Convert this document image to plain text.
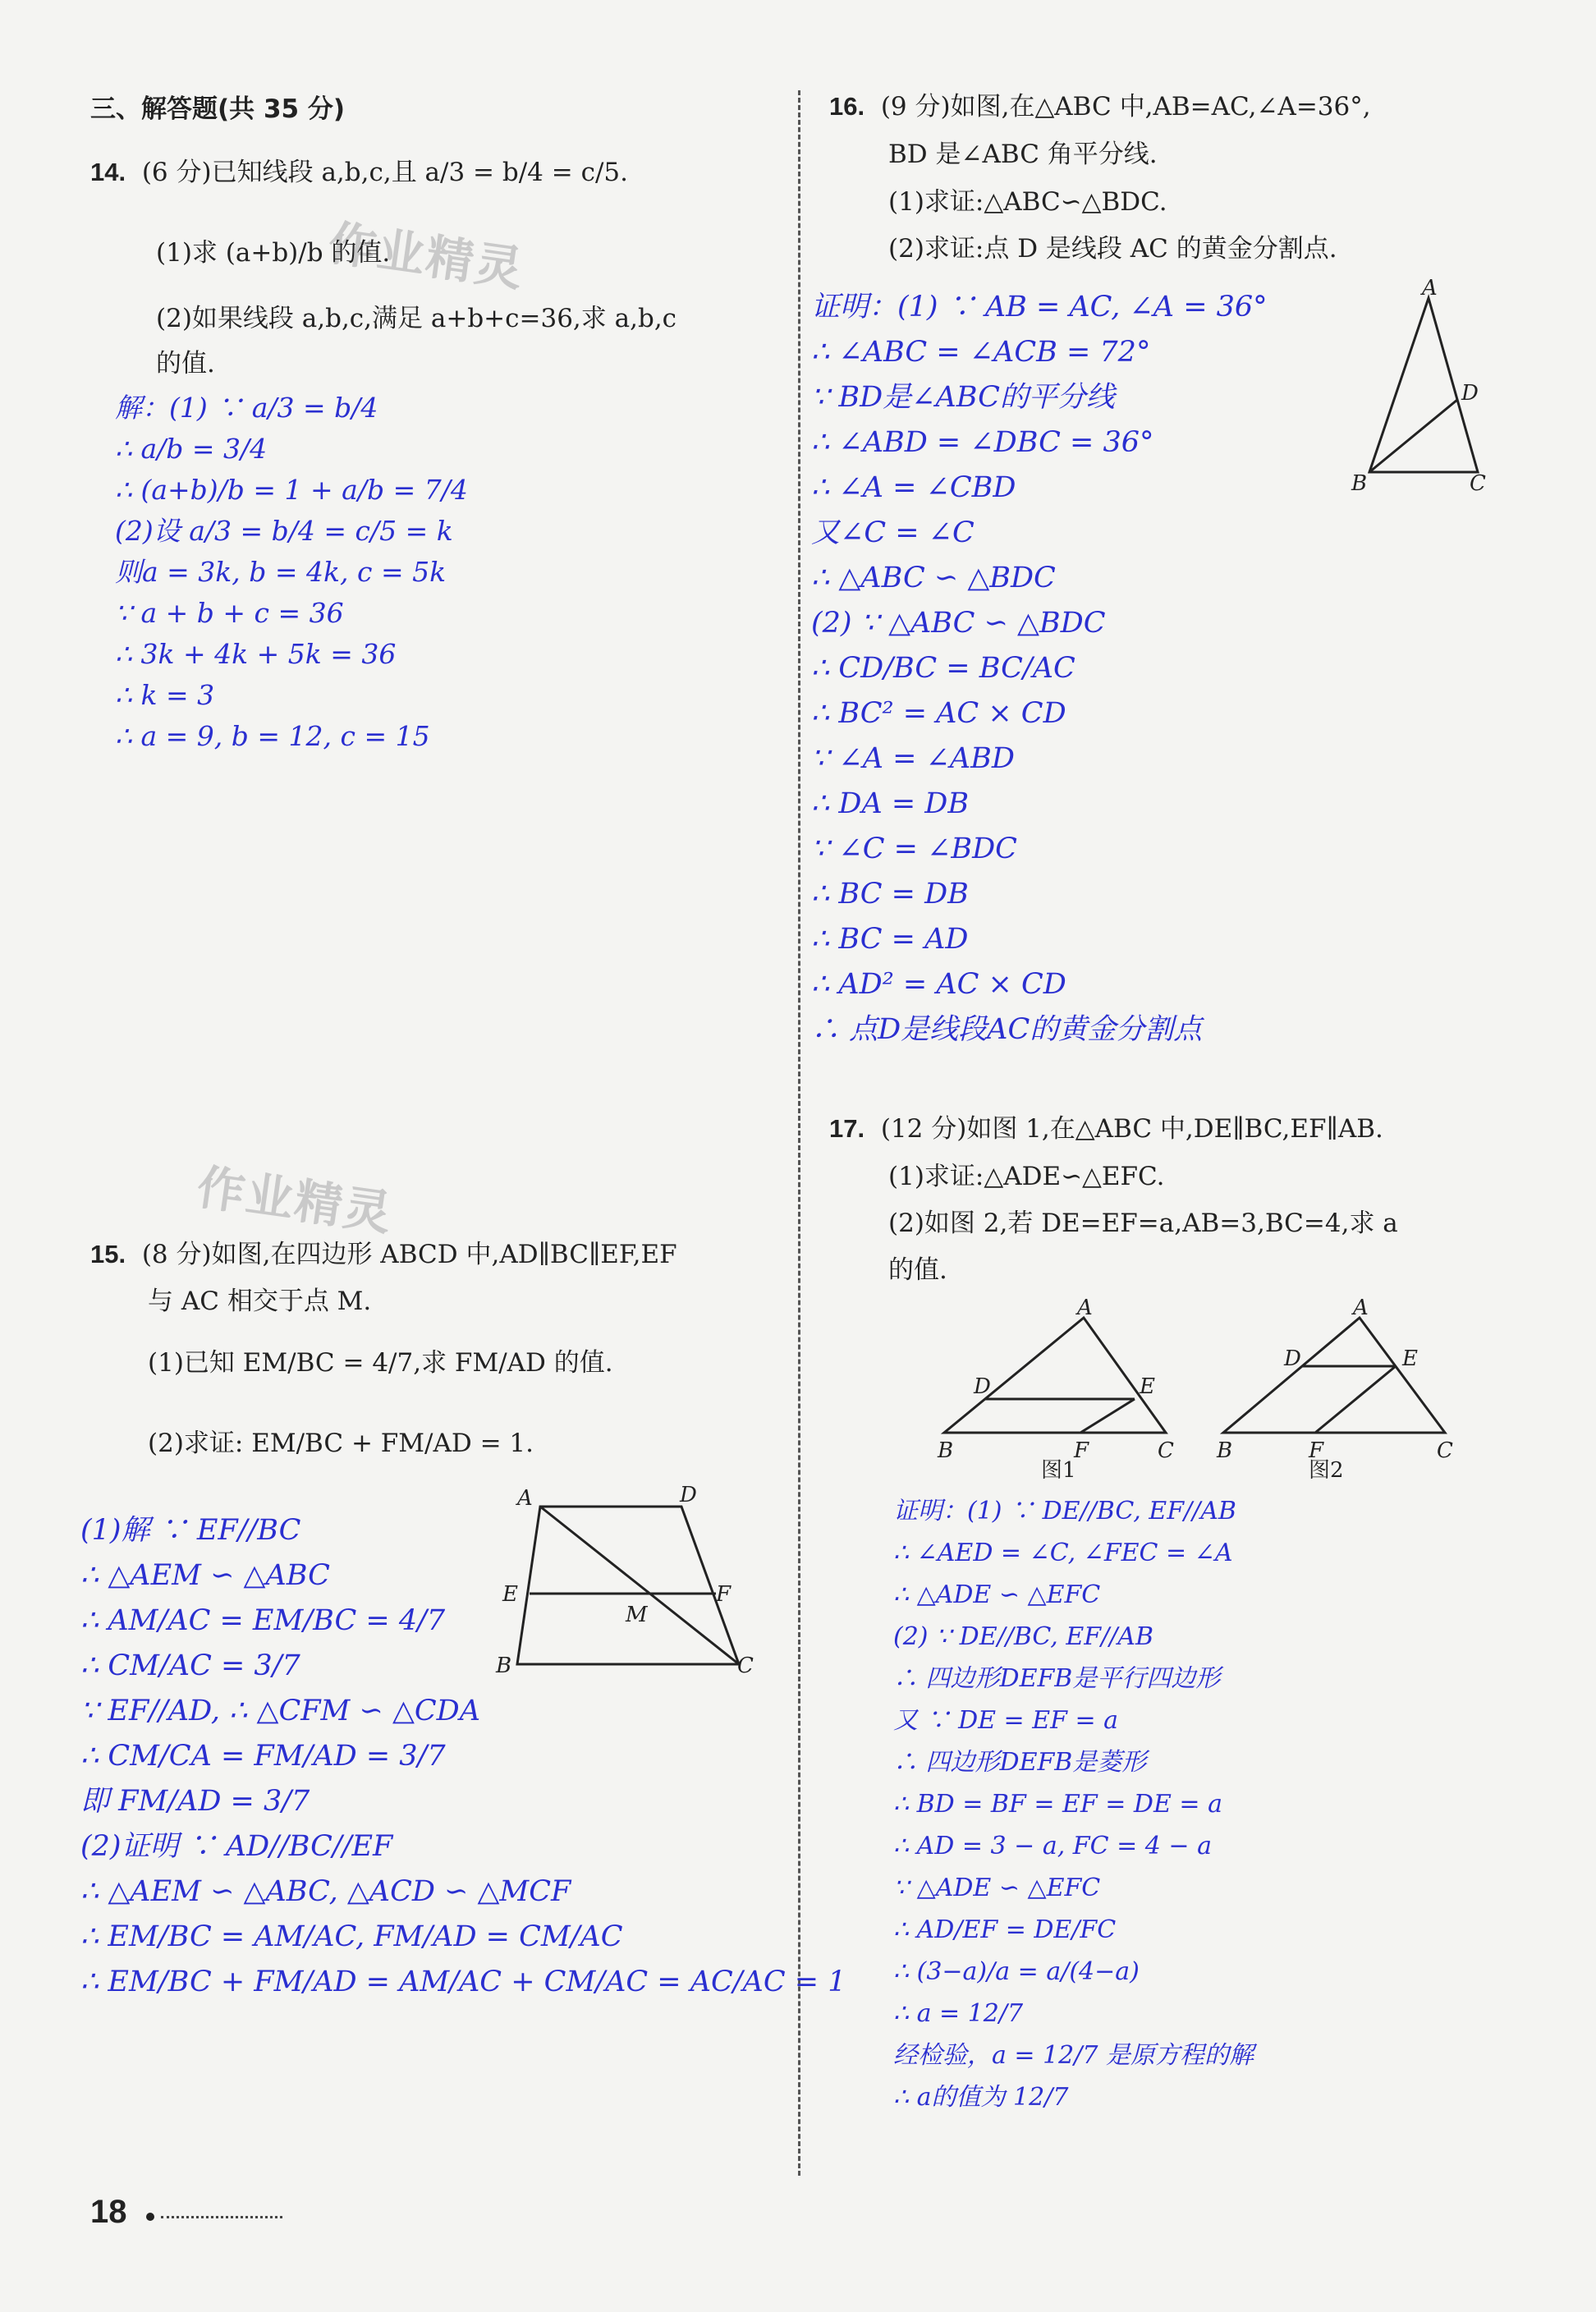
三、解答题(共 35 分)
作业精灵
作业精灵
14. (6 分)已知线段 a,b,c,且 a/3 = b/4 = c/5.
(1)求 (a+b)/b 的值.
(2)如果线段 a,b,c,满足 a+b+c=36,求 a,b,c
的值.
解：(1) ∵ a/3 = b/4
∴ a/b = 3/4
∴ (a+b)/b = 1 + a/b = 7/4
(2)设 a/3 = b/4 = c/5 = k
则a = 3k, b = 4k, c = 5k
∵ a + b + c = 36
∴ 3k + 4k + 5k = 36
∴ k = 3
∴ a = 9, b = 12, c = 15
15. (8 分)如图,在四边形 ABCD 中,AD∥BC∥EF,EF
与 AC 相交于点 M.
(1)已知 EM/BC = 4/7,求 FM/AD 的值.
(2)求证: EM/BC + FM/AD = 1.
A	D
E	F
M
B	C
(1)解 ∵ EF//BC
∴ △AEM ∽ △ABC
∴ AM/AC = EM/BC = 4/7
∴ CM/AC = 3/7
∵ EF//AD, ∴ △CFM ∽ △CDA
∴ CM/CA = FM/AD = 3/7
即 FM/AD = 3/7
(2)证明 ∵ AD//BC//EF
∴ △AEM ∽ △ABC, △ACD ∽ △MCF
∴ EM/BC = AM/AC, FM/AD = CM/AC
∴ EM/BC + FM/AD = AM/AC + CM/AC = AC/AC = 1
16. (9 分)如图,在△ABC 中,AB=AC,∠A=36°,
BD 是∠ABC 角平分线.
(1)求证:△ABC∽△BDC.
(2)求证:点 D 是线段 AC 的黄金分割点.
A
D
B	C
证明：(1) ∵ AB = AC, ∠A = 36°
∴ ∠ABC = ∠ACB = 72°
∵ BD是∠ABC的平分线
∴ ∠ABD = ∠DBC = 36°
∴ ∠A = ∠CBD
又∠C = ∠C
∴ △ABC ∽ △BDC
(2) ∵ △ABC ∽ △BDC
∴ CD/BC = BC/AC
∴ BC² = AC × CD
∵ ∠A = ∠ABD
∴ DA = DB
∵ ∠C = ∠BDC
∴ BC = DB
∴ BC = AD
∴ AD² = AC × CD
∴ 点D是线段AC的黄金分割点
17. (12 分)如图 1,在△ABC 中,DE∥BC,EF∥AB.
(1)求证:△ADE∽△EFC.
(2)如图 2,若 DE=EF=a,AB=3,BC=4,求 a
的值.
A
D	E
B	F	C
图1
A
D	E
B	F	C
图2
证明：(1) ∵ DE//BC, EF//AB
∴ ∠AED = ∠C, ∠FEC = ∠A
∴ △ADE ∽ △EFC
(2) ∵ DE//BC, EF//AB
∴ 四边形DEFB是平行四边形
又 ∵ DE = EF = a
∴ 四边形DEFB是菱形
∴ BD = BF = EF = DE = a
∴ AD = 3 − a, FC = 4 − a
∵ △ADE ∽ △EFC
∴ AD/EF = DE/FC
∴ (3−a)/a = a/(4−a)
∴ a = 12/7
经检验，a = 12/7 是原方程的解
∴ a的值为 12/7
18
